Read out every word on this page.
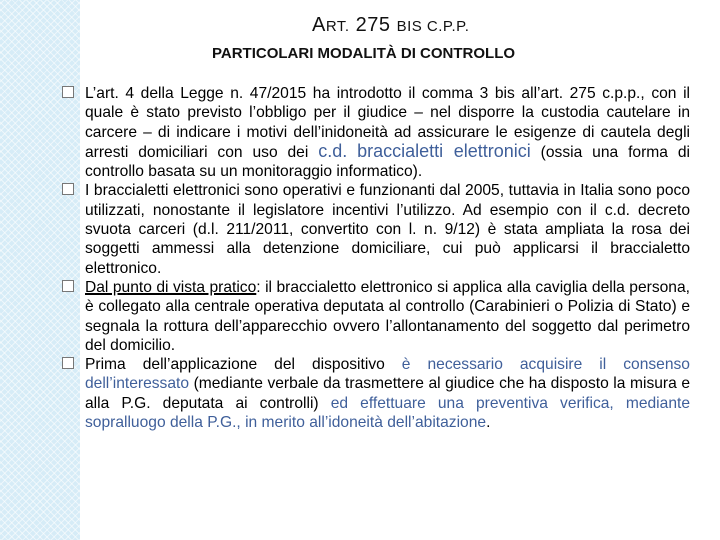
ART. 275 BIS C.P.P.
PARTICOLARI MODALITÀ DI CONTROLLO
L’art. 4 della Legge n. 47/2015 ha introdotto il comma 3 bis all’art. 275 c.p.p., con il quale è stato previsto l’obbligo per il giudice – nel disporre la custodia cautelare in carcere – di indicare i motivi dell’inidoneità ad assicurare le esigenze di cautela degli arresti domiciliari con uso dei c.d. braccialetti elettronici (ossia una forma di controllo basata su un monitoraggio informatico).
I braccialetti elettronici sono operativi e funzionanti dal 2005, tuttavia in Italia sono poco utilizzati, nonostante il legislatore incentivi l’utilizzo. Ad esempio con il c.d. decreto svuota carceri (d.l. 211/2011, convertito con l. n. 9/12) è stata ampliata la rosa dei soggetti ammessi alla detenzione domiciliare, cui può applicarsi il braccialetto elettronico.
Dal punto di vista pratico: il braccialetto elettronico si applica alla caviglia della persona, è collegato alla centrale operativa deputata al controllo (Carabinieri o Polizia di Stato) e segnala la rottura dell’apparecchio ovvero l’allontanamento del soggetto dal perimetro del domicilio.
Prima dell’applicazione del dispositivo è necessario acquisire il consenso dell’interessato (mediante verbale da trasmettere al giudice che ha disposto la misura e alla P.G. deputata ai controlli) ed effettuare una preventiva verifica, mediante sopralluogo della P.G., in merito all’idoneità dell’abitazione.
